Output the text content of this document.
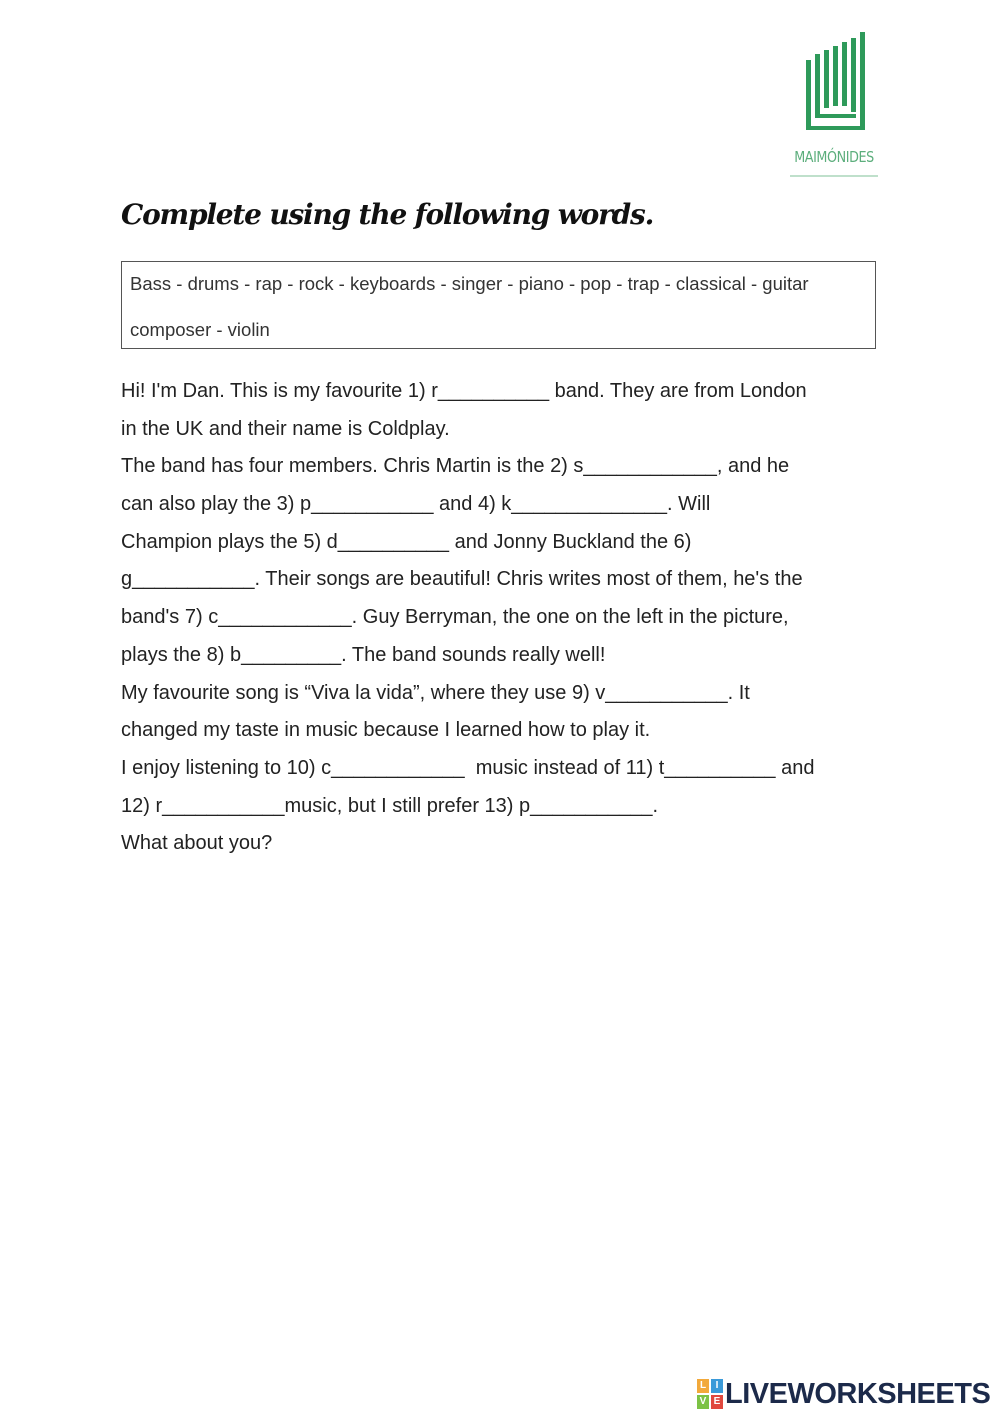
MAIMÓNIDES
Complete using the following words.
Bass - drums - rap - rock - keyboards - singer - piano - pop - trap - classical - guitar
composer - violin
Hi! I'm Dan. This is my favourite 1) r__________ band. They are from London
in the UK and their name is Coldplay.
The band has four members. Chris Martin is the 2) s____________, and he
can also play the 3) p___________ and 4) k______________. Will
Champion plays the 5) d__________ and Jonny Buckland the 6)
g___________. Their songs are beautiful! Chris writes most of them, he's the
band's 7) c____________. Guy Berryman, the one on the left in the picture,
plays the 8) b_________. The band sounds really well!
My favourite song is “Viva la vida”, where they use 9) v___________. It
changed my taste in music because I learned how to play it.
I enjoy listening to 10) c____________  music instead of 11) t__________ and
12) r___________music, but I still prefer 13) p___________.
What about you?
L I
V E LIVEWORKSHEETS
